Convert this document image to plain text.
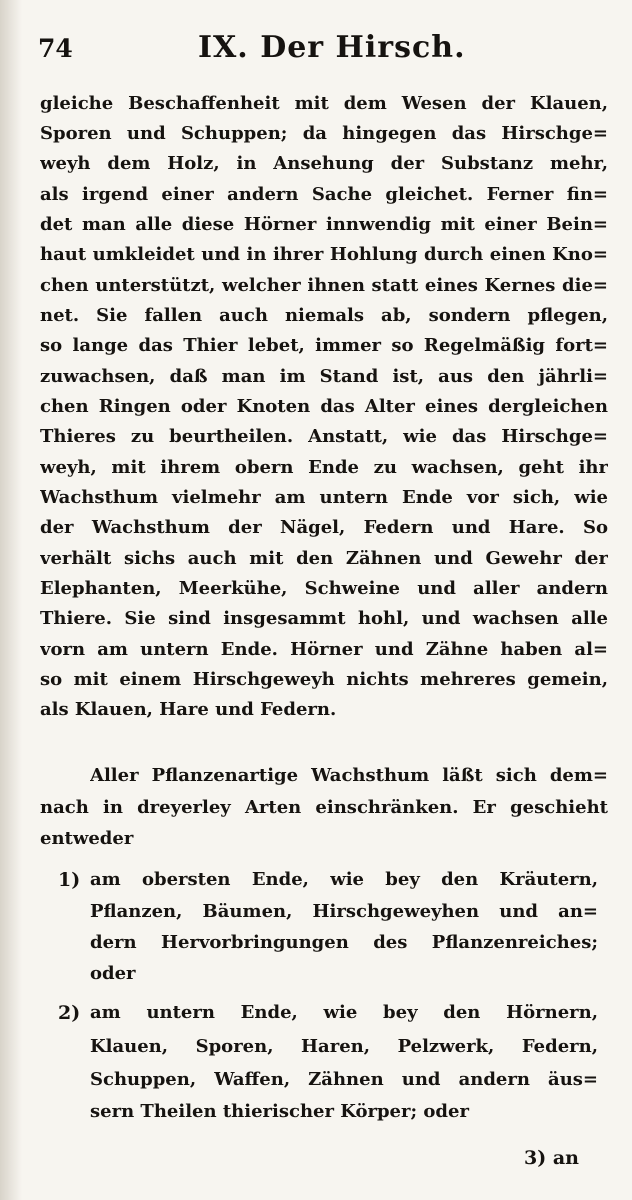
74	IX. Der Hirsch.
gleiche Beschaffenheit mit dem Wesen der Klauen,
Sporen und Schuppen; da hingegen das Hirschge=
weyh dem Holz, in Ansehung der Substanz mehr,
als irgend einer andern Sache gleichet. Ferner fin=
det man alle diese Hörner innwendig mit einer Bein=
haut umkleidet und in ihrer Hohlung durch einen Kno=
chen unterstützt, welcher ihnen statt eines Kernes die=
net. Sie fallen auch niemals ab, sondern pflegen,
so lange das Thier lebet, immer so Regelmäßig fort=
zuwachsen, daß man im Stand ist, aus den jährli=
chen Ringen oder Knoten das Alter eines dergleichen
Thieres zu beurtheilen. Anstatt, wie das Hirschge=
weyh, mit ihrem obern Ende zu wachsen, geht ihr
Wachsthum vielmehr am untern Ende vor sich, wie
der Wachsthum der Nägel, Federn und Hare. So
verhält sichs auch mit den Zähnen und Gewehr der
Elephanten, Meerkühe, Schweine und aller andern
Thiere. Sie sind insgesammt hohl, und wachsen alle
vorn am untern Ende. Hörner und Zähne haben al=
so mit einem Hirschgeweyh nichts mehreres gemein,
als Klauen, Hare und Federn.
Aller Pflanzenartige Wachsthum läßt sich dem=
nach in dreyerley Arten einschränken. Er geschieht
entweder
1) am obersten Ende, wie bey den Kräutern,
Pflanzen, Bäumen, Hirschgeweyhen und an=
dern Hervorbringungen des Pflanzenreiches;
oder
2) am untern Ende, wie bey den Hörnern,
Klauen, Sporen, Haren, Pelzwerk, Federn,
Schuppen, Waffen, Zähnen und andern äus=
sern Theilen thierischer Körper; oder
3) an
